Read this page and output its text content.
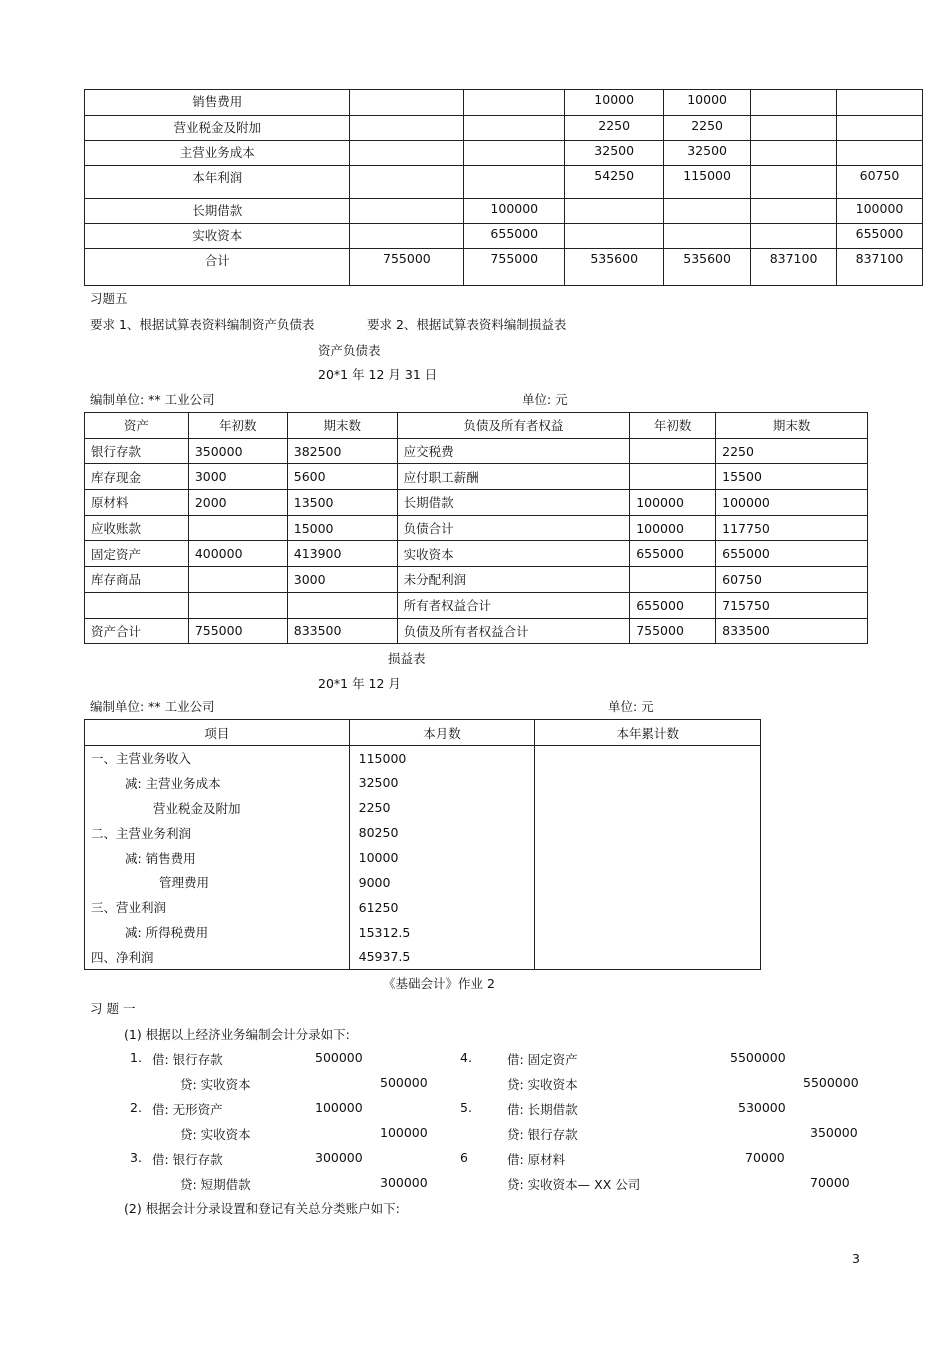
销售费用			10000	10000		
营业税金及附加			2250	2250		
主营业务成本			32500	32500		
本年利润			54250	115000		60750
长期借款		100000				100000
实收资本		655000				655000
合计	755000	755000	535600	535600	837100	837100
习题五
要求 1、根据试算表资料编制资产负债表	要求 2、根据试算表资料编制损益表
资产负债表
20*1 年 12 月 31 日
编制单位: ** 工业公司	单位: 元
资产	年初数	期末数	负债及所有者权益	年初数	期末数
银行存款	350000	382500	应交税费		2250
库存现金	3000	5600	应付职工薪酬		15500
原材料	2000	13500	长期借款	100000	100000
应收账款		15000	负债合计	100000	117750
固定资产	400000	413900	实收资本	655000	655000
库存商品		3000	未分配利润		60750
			所有者权益合计	655000	715750
资产合计	755000	833500	负债及所有者权益合计	755000	833500
损益表
20*1 年 12 月
编制单位: ** 工业公司	单位: 元
项目	本月数	本年累计数
一、主营业务收入	115000	
减: 主营业务成本	32500	
营业税金及附加	2250	
二、主营业务利润	80250	
减: 销售费用	10000	
管理费用	9000	
三、营业利润	61250	
减: 所得税费用	15312.5	
四、净利润	45937.5	
《基础会计》作业 2
习 题 一
(1) 根据以上经济业务编制会计分录如下:
1. 借: 银行存款	500000
贷: 实收资本	500000
2. 借: 无形资产	100000
贷: 实收资本	100000
3. 借: 银行存款	300000
贷: 短期借款	300000
4.	借: 固定资产	5500000
贷: 实收资本	5500000
5.	借: 长期借款	530000
贷: 银行存款	350000
6	借: 原材料	70000
贷: 实收资本— XX 公司	70000
(2) 根据会计分录设置和登记有关总分类账户如下:
3
